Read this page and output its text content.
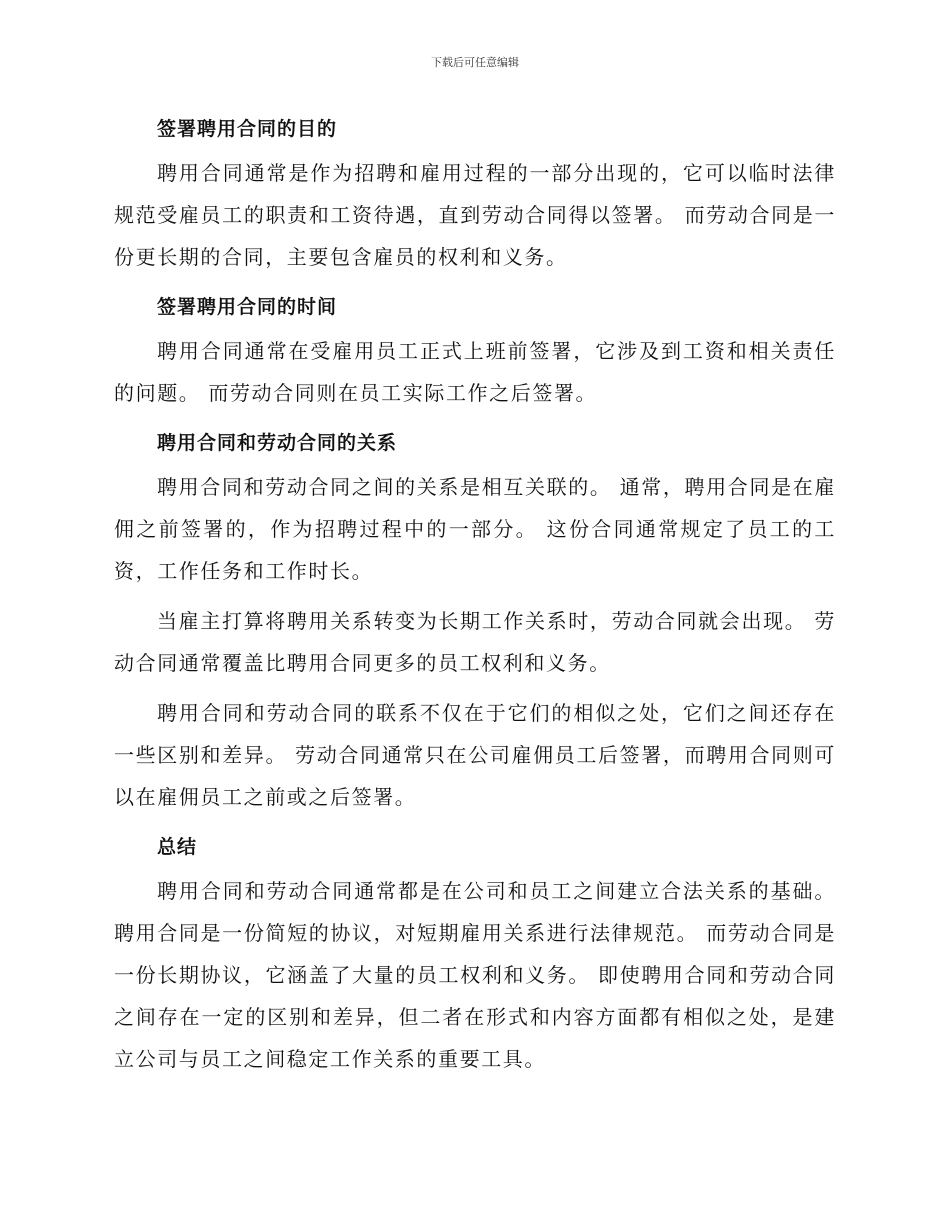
下载后可任意编辑
签署聘用合同的目的

聘用合同通常是作为招聘和雇用过程的一部分出现的，它可以临时法律规范受雇员工的职责和工资待遇，直到劳动合同得以签署。 而劳动合同是一份更长期的合同，主要包含雇员的权利和义务。

签署聘用合同的时间

聘用合同通常在受雇用员工正式上班前签署，它涉及到工资和相关责任的问题。 而劳动合同则在员工实际工作之后签署。

聘用合同和劳动合同的关系

聘用合同和劳动合同之间的关系是相互关联的。 通常，聘用合同是在雇佣之前签署的，作为招聘过程中的一部分。 这份合同通常规定了员工的工资，工作任务和工作时长。

当雇主打算将聘用关系转变为长期工作关系时，劳动合同就会出现。 劳动合同通常覆盖比聘用合同更多的员工权利和义务。

聘用合同和劳动合同的联系不仅在于它们的相似之处，它们之间还存在一些区别和差异。 劳动合同通常只在公司雇佣员工后签署，而聘用合同则可以在雇佣员工之前或之后签署。

总结

聘用合同和劳动合同通常都是在公司和员工之间建立合法关系的基础。 聘用合同是一份简短的协议，对短期雇用关系进行法律规范。 而劳动合同是一份长期协议，它涵盖了大量的员工权利和义务。 即使聘用合同和劳动合同之间存在一定的区别和差异，但二者在形式和内容方面都有相似之处，是建立公司与员工之间稳定工作关系的重要工具。
